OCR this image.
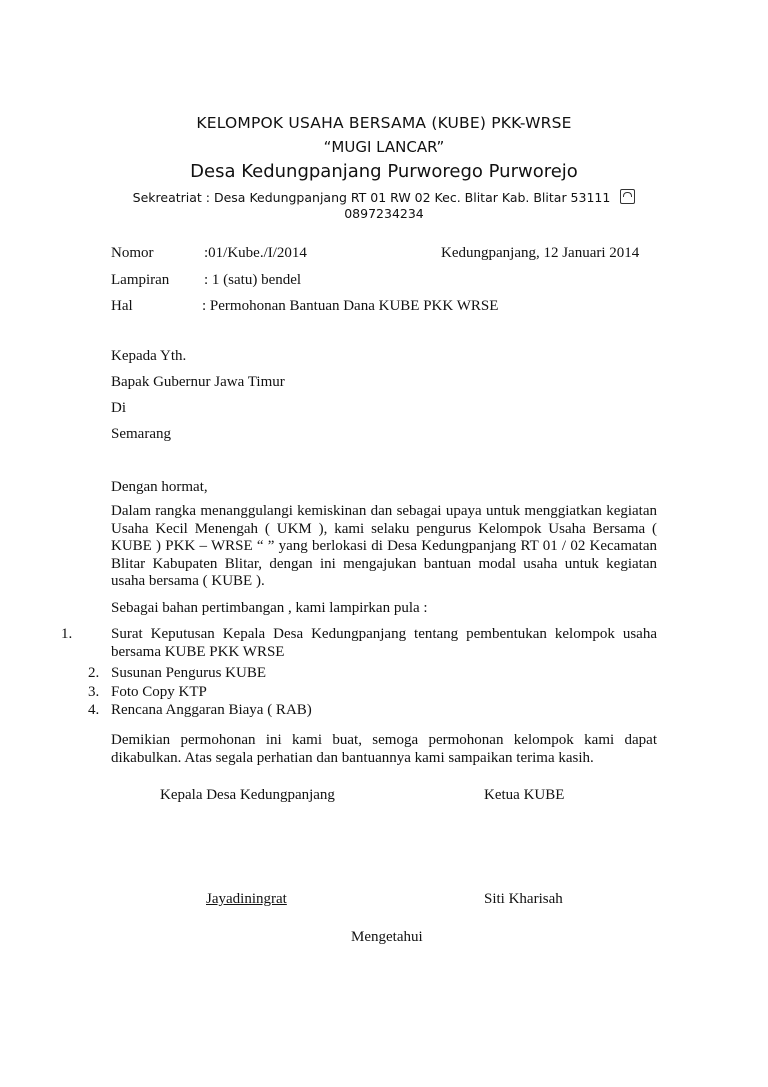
KELOMPOK USAHA BERSAMA (KUBE) PKK-WRSE
“MUGI LANCAR”
Desa Kedungpanjang Purworego Purworejo
Sekreatriat : Desa Kedungpanjang RT 01 RW 02 Kec. Blitar Kab. Blitar 53111
0897234234
Nomor	:01/Kube./I/2014	Kedungpanjang, 12 Januari 2014
Lampiran : 1 (satu) bendel
Hal	: Permohonan Bantuan Dana KUBE PKK WRSE
Kepada Yth.
Bapak Gubernur Jawa Timur
Di
Semarang
Dengan hormat,
Dalam rangka menanggulangi kemiskinan dan sebagai upaya untuk menggiatkan kegiatan Usaha Kecil Menengah ( UKM ), kami selaku pengurus Kelompok Usaha Bersama ( KUBE ) PKK – WRSE “ ” yang berlokasi di Desa Kedungpanjang RT 01 / 02 Kecamatan Blitar Kabupaten Blitar, dengan ini mengajukan bantuan modal usaha untuk kegiatan usaha bersama ( KUBE ).
Sebagai bahan pertimbangan , kami lampirkan pula :
1.	Surat Keputusan Kepala Desa Kedungpanjang tentang pembentukan kelompok usaha bersama KUBE PKK WRSE
2. Susunan Pengurus KUBE
3. Foto Copy KTP
4. Rencana Anggaran Biaya ( RAB)
Demikian permohonan ini kami buat, semoga permohonan kelompok kami dapat dikabulkan. Atas segala perhatian dan bantuannya kami sampaikan terima kasih.
Kepala Desa Kedungpanjang	Ketua KUBE
Jayadiningrat	Siti Kharisah
Mengetahui
